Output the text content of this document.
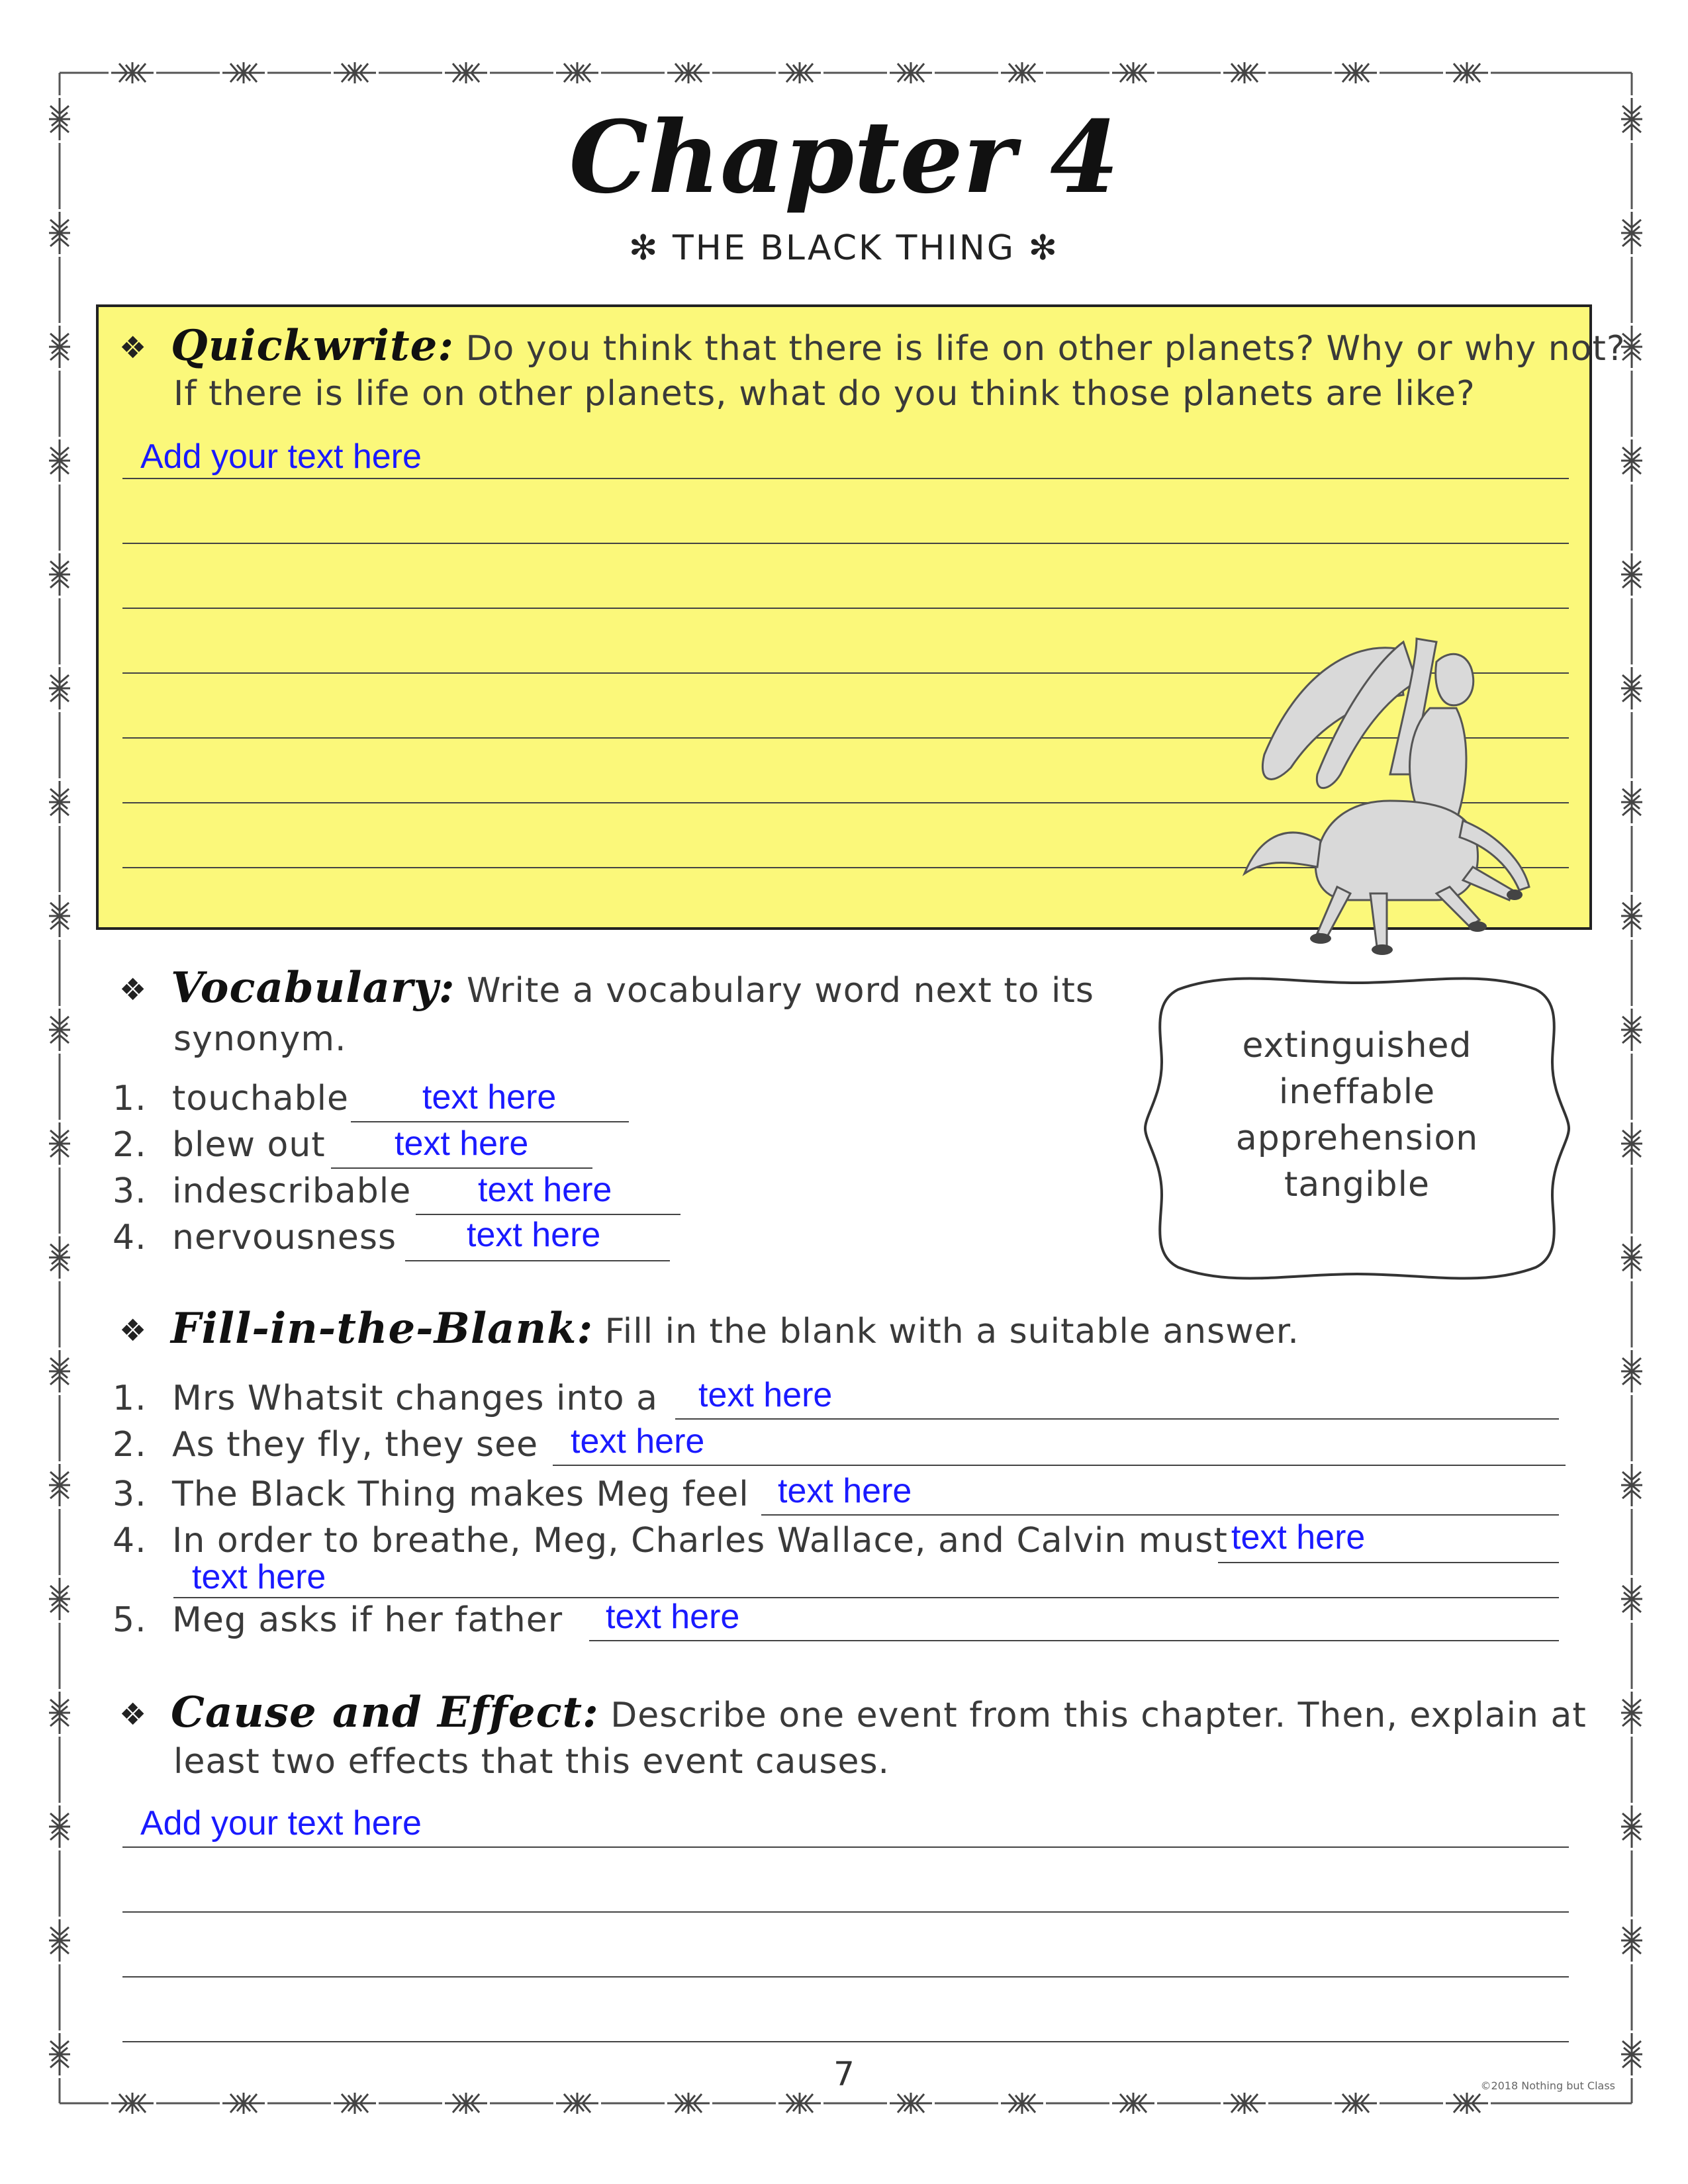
Chapter 4
✻ THE BLACK THING ✻
❖ Quickwrite: Do you think that there is life on other planets? Why or why not?
If there is life on other planets, what do you think those planets are like?
Add your text here
❖ Vocabulary: Write a vocabulary word next to its
synonym.
1. touchable text here
2. blew out text here
3. indescribable text here
4. nervousness text here
extinguished
ineffable
apprehension
tangible
❖ Fill-in-the-Blank: Fill in the blank with a suitable answer.
1. Mrs Whatsit changes into a text here
2. As they fly, they see text here
3. The Black Thing makes Meg feel text here
4. In order to breathe, Meg, Charles Wallace, and Calvin must text here
text here
5. Meg asks if her father text here
❖ Cause and Effect: Describe one event from this chapter. Then, explain at
least two effects that this event causes.
Add your text here
7	©2018 Nothing but Class
